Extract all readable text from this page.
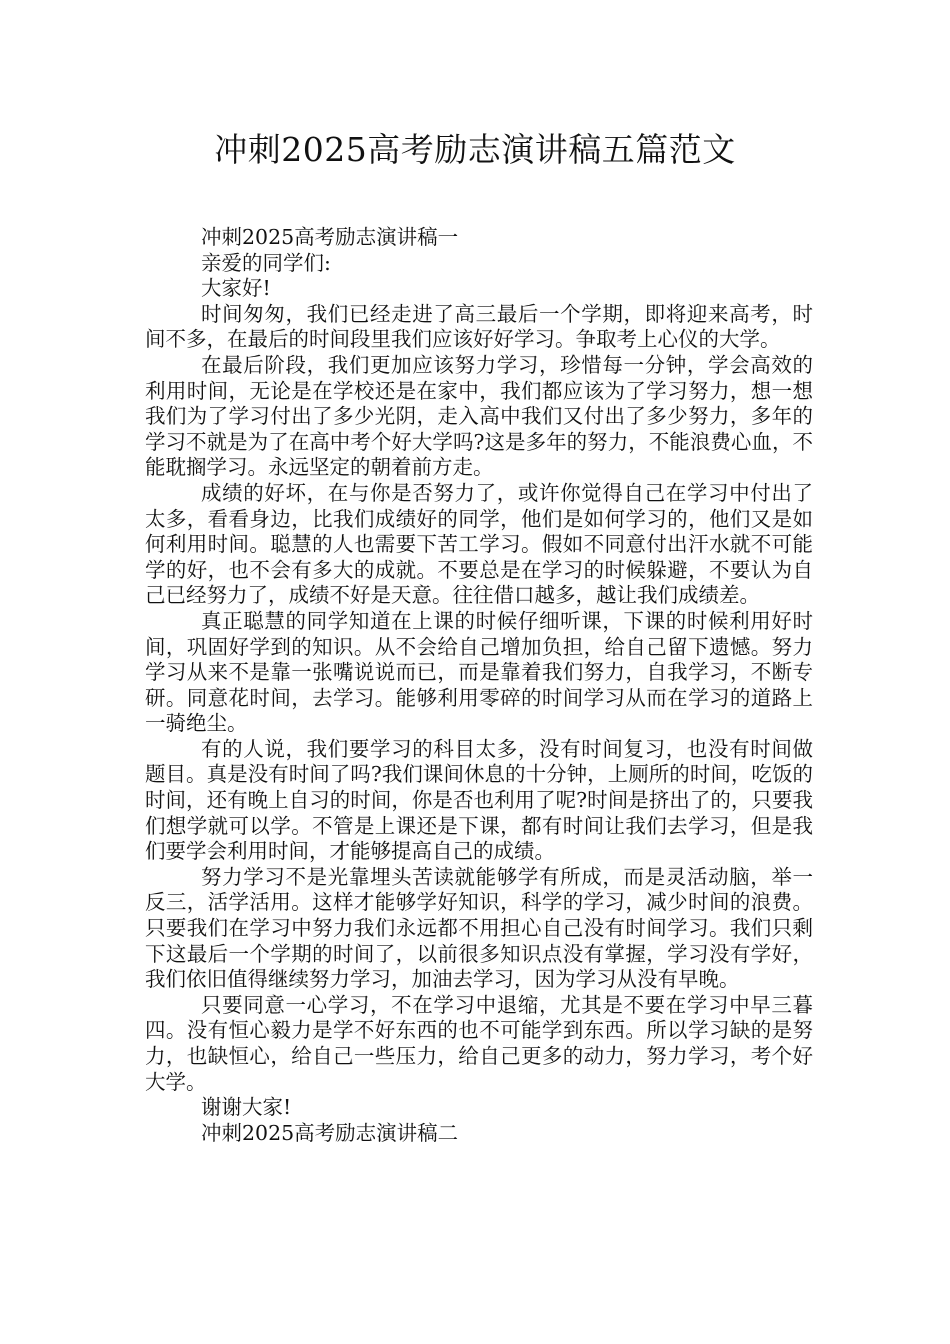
冲刺2025高考励志演讲稿五篇范文

冲刺2025高考励志演讲稿一

亲爱的同学们:

大家好!

时间匆匆，我们已经走进了高三最后一个学期，即将迎来高考，时间不多，在最后的时间段里我们应该好好学习。争取考上心仪的大学。

在最后阶段，我们更加应该努力学习，珍惜每一分钟，学会高效的利用时间，无论是在学校还是在家中，我们都应该为了学习努力，想一想我们为了学习付出了多少光阴，走入高中我们又付出了多少努力，多年的学习不就是为了在高中考个好大学吗?这是多年的努力，不能浪费心血，不能耽搁学习。永远坚定的朝着前方走。

成绩的好坏，在与你是否努力了，或许你觉得自己在学习中付出了太多，看看身边，比我们成绩好的同学，他们是如何学习的，他们又是如何利用时间。聪慧的人也需要下苦工学习。假如不同意付出汗水就不可能学的好，也不会有多大的成就。不要总是在学习的时候躲避，不要认为自己已经努力了，成绩不好是天意。往往借口越多，越让我们成绩差。

真正聪慧的同学知道在上课的时候仔细听课，下课的时候利用好时间，巩固好学到的知识。从不会给自己增加负担，给自己留下遗憾。努力学习从来不是靠一张嘴说说而已，而是靠着我们努力，自我学习，不断专研。同意花时间，去学习。能够利用零碎的时间学习从而在学习的道路上一骑绝尘。

有的人说，我们要学习的科目太多，没有时间复习，也没有时间做题目。真是没有时间了吗?我们课间休息的十分钟，上厕所的时间，吃饭的时间，还有晚上自习的时间，你是否也利用了呢?时间是挤出了的，只要我们想学就可以学。不管是上课还是下课，都有时间让我们去学习，但是我们要学会利用时间，才能够提高自己的成绩。

努力学习不是光靠埋头苦读就能够学有所成，而是灵活动脑，举一反三，活学活用。这样才能够学好知识，科学的学习，减少时间的浪费。只要我们在学习中努力我们永远都不用担心自己没有时间学习。我们只剩下这最后一个学期的时间了，以前很多知识点没有掌握，学习没有学好，我们依旧值得继续努力学习，加油去学习，因为学习从没有早晚。

只要同意一心学习，不在学习中退缩，尤其是不要在学习中早三暮四。没有恒心毅力是学不好东西的也不可能学到东西。所以学习缺的是努力，也缺恒心，给自己一些压力，给自己更多的动力，努力学习，考个好大学。

谢谢大家!

冲刺2025高考励志演讲稿二
